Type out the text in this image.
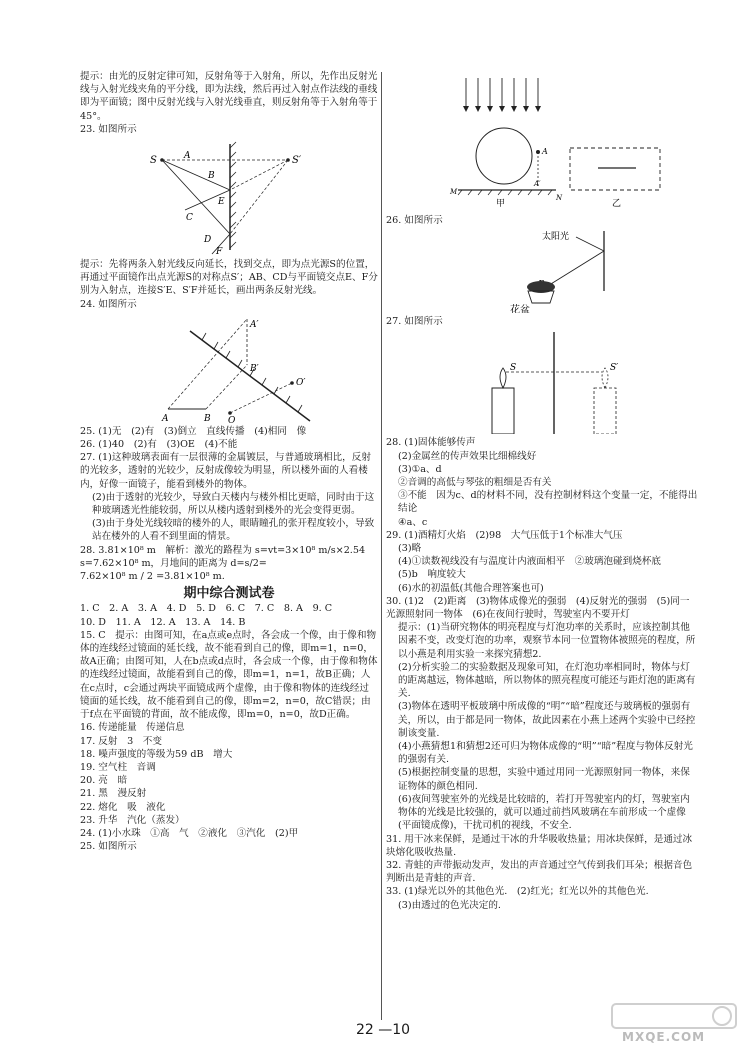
提示：由光的反射定律可知，反射角等于入射角，所以，先作出反射光线与入射光线夹角的平分线，即为法线，然后再过入射点作法线的垂线即为平面镜；图中反射光线与入射光线垂直，则反射角等于入射角等于45°。

23. 如图所示

S	S′
A
B
C
D
E
F

提示：先将两条入射光线反向延长，找到交点，即为点光源S的位置，再通过平面镜作出点光源S的对称点S′；AB、CD与平面镜交点E、F分别为入射点，连接S′E、S′F并延长，画出两条反射光线。

24. 如图所示

A′
B′
O′
A	B O

25. (1)无　(2)有　(3)倒立　直线传播　(4)相同　像

26. (1)40　(2)有　(3)OE　(4)不能

27. (1)这种玻璃表面有一层很薄的金属镀层，与普通玻璃相比，反射的光较多，透射的光较少，反射成像较为明显，所以楼外面的人看楼内，好像一面镜子，能看到楼外的物体。

(2)由于透射的光较少，导致白天楼内与楼外相比更暗，同时由于这种玻璃透光性能较弱，所以从楼内透射到楼外的光会变得更弱。

(3)由于身处光线较暗的楼外的人，眼睛瞳孔的张开程度较小，导致站在楼外的人看不到里面的情景。

28. 3.81×10⁸ m　解析：激光的路程为 s=vt=3×10⁸ m/s×2.54 s=7.62×10⁸ m，月地间的距离为 d=s/2=

7.62×10⁸ m / 2 =3.81×10⁸ m.

期中综合测试卷

1. C　2. A　3. A　4. D　5. D　6. C　7. C　8. A　9. C

10. D　11. A　12. A　13. A　14. B

15. C　提示：由图可知，在a点或e点时，各会成一个像，由于像和物体的连线经过镜面的延长线，故不能看到自己的像，即m=1，n=0，故A正确；由图可知，人在b点或d点时，各会成一个像，由于像和物体的连线经过镜面，故能看到自己的像，即m=1，n=1，故B正确；人在c点时，c会通过两块平面镜成两个虚像，由于像和物体的连线经过镜面的延长线，故不能看到自己的像，即m=2，n=0，故C错误；由于f点在平面镜的背面，故不能成像，即m=0，n=0，故D正确。

16. 传递能量　传递信息

17. 反射　3　不变

18. 噪声强度的等级为59 dB　增大

19. 空气柱　音调

20. 亮　暗

21. 黑　漫反射

22. 熔化　吸　液化

23. 升华　汽化（蒸发）

24. (1)小水珠　①高　气　②液化　③汽化　(2)甲

25. 如图所示

A
A′
M
N
甲	乙

26. 如图所示

太阳光
花盆

27. 如图所示

S	S′

28. (1)固体能够传声

(2)金属丝的传声效果比细棉线好

(3)①a、d

②音调的高低与琴弦的粗细是否有关

③不能　因为c、d的材料不同，没有控制材料这个变量一定，不能得出结论

④a、c

29. (1)酒精灯火焰　(2)98　大气压低于1个标准大气压

(3)略

(4)①读数视线没有与温度计内液面相平　②玻璃泡碰到烧杯底

(5)b　响度较大

(6)水的初温低(其他合理答案也可)

30. (1)2　(2)距离　(3)物体成像光的强弱　(4)反射光的强弱　(5)同一光源照射同一物体　(6)在夜间行驶时，驾驶室内不要开灯

提示：(1)当研究物体的明亮程度与灯泡功率的关系时，应该控制其他因素不变，改变灯泡的功率，观察节本同一位置物体被照亮的程度，所以小燕是利用实验一来探究猜想2.

(2)分析实验二的实验数据及现象可知，在灯泡功率相同时，物体与灯的距离越远，物体越暗，所以物体的照亮程度可能还与距灯泡的距离有关.

(3)物体在透明平板玻璃中所成像的“明”“暗”程度还与玻璃板的强弱有关，所以，由于都是同一物体，故此因素在小燕上述两个实验中已经控制该变量.

(4)小燕猜想1和猜想2还可归为物体成像的“明”“暗”程度与物体反射光的强弱有关.

(5)根据控制变量的思想，实验中通过用同一光源照射同一物体，来保证物体的颜色相同.

(6)夜间驾驶室外的光线是比较暗的，若打开驾驶室内的灯，驾驶室内物体的光线是比较强的，就可以通过前挡风玻璃在车前形成一个虚像(平面镜成像)，干扰司机的视线，不安全.

31. 用干冰来保鲜，是通过干冰的升华吸收热量；用冰块保鲜，是通过冰块熔化吸收热量.

32. 青蛙的声带振动发声，发出的声音通过空气传到我们耳朵；根据音色判断出是青蛙的声音.

33. (1)绿光以外的其他色光.　(2)红光；红光以外的其他色光.

(3)由透过的色光决定的.

22 —10	MXQE.COM
